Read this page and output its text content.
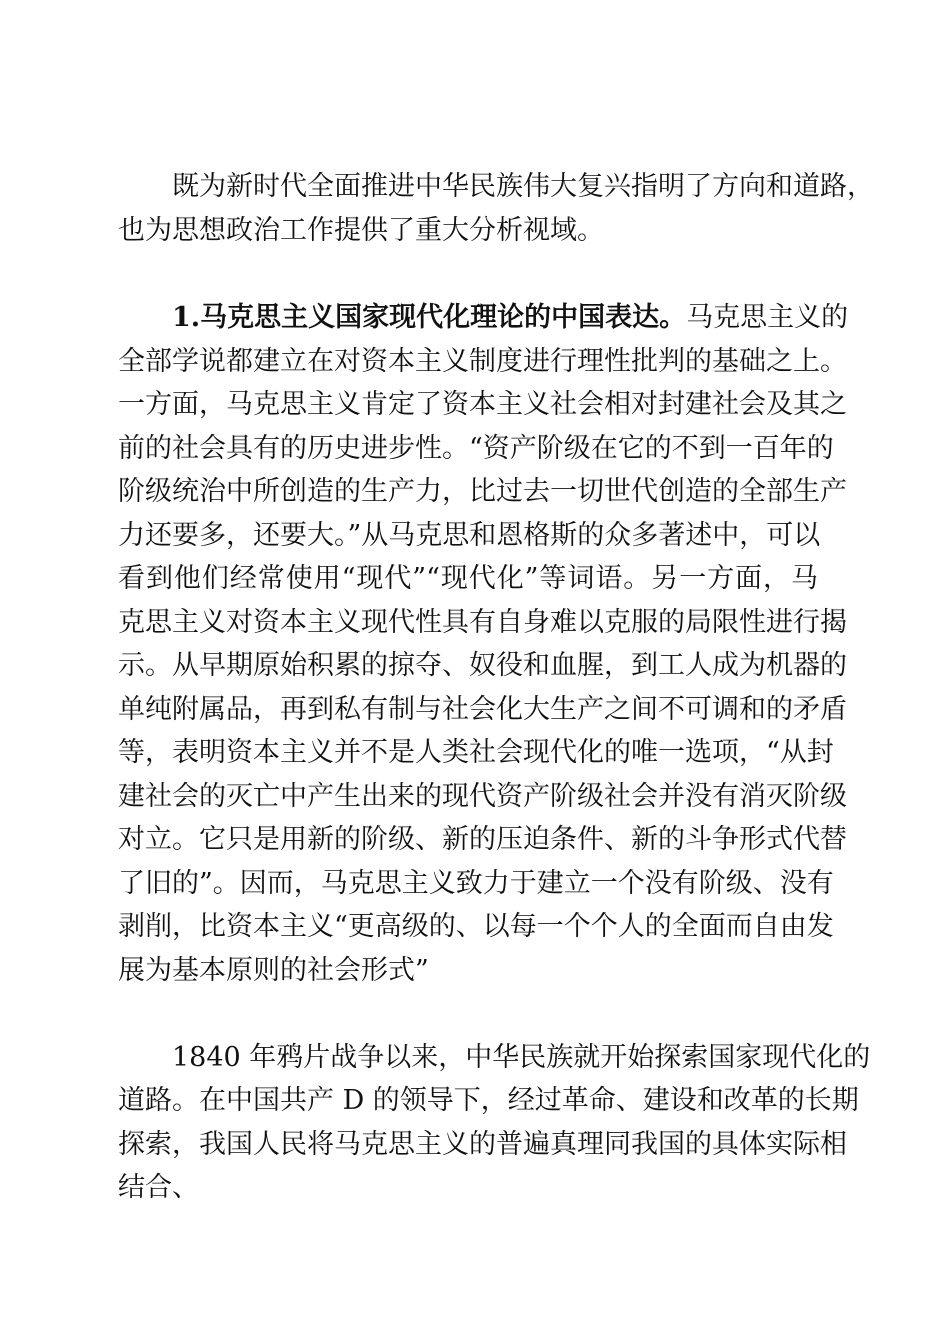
既为新时代全面推进中华民族伟大复兴指明了方向和道路，
也为思想政治工作提供了重大分析视域。
1.马克思主义国家现代化理论的中国表达。马克思主义的
全部学说都建立在对资本主义制度进行理性批判的基础之上。
一方面，马克思主义肯定了资本主义社会相对封建社会及其之
前的社会具有的历史进步性。“资产阶级在它的不到一百年的
阶级统治中所创造的生产力，比过去一切世代创造的全部生产
力还要多，还要大。”从马克思和恩格斯的众多著述中，可以
看到他们经常使用“现代”“现代化”等词语。另一方面，马
克思主义对资本主义现代性具有自身难以克服的局限性进行揭
示。从早期原始积累的掠夺、奴役和血腥，到工人成为机器的
单纯附属品，再到私有制与社会化大生产之间不可调和的矛盾
等，表明资本主义并不是人类社会现代化的唯一选项，“从封
建社会的灭亡中产生出来的现代资产阶级社会并没有消灭阶级
对立。它只是用新的阶级、新的压迫条件、新的斗争形式代替
了旧的”。因而，马克思主义致力于建立一个没有阶级、没有
剥削，比资本主义“更高级的、以每一个个人的全面而自由发
展为基本原则的社会形式”
1840 年鸦片战争以来，中华民族就开始探索国家现代化的
道路。在中国共产 D 的领导下，经过革命、建设和改革的长期
探索，我国人民将马克思主义的普遍真理同我国的具体实际相
结合、
